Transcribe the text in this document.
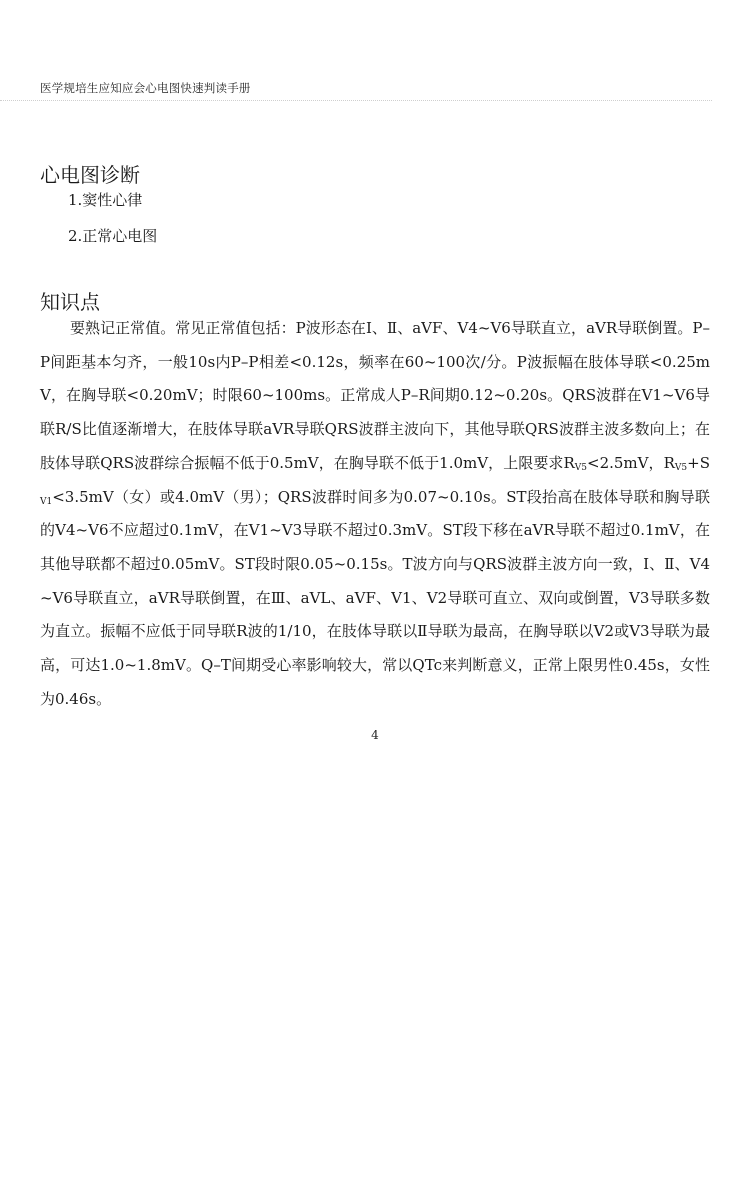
医学规培生应知应会心电图快速判读手册
心电图诊断
1.窦性心律
2.正常心电图
知识点

要熟记正常值。常见正常值包括：P波形态在Ⅰ、Ⅱ、aVF、V4~V6导联直立，aVR导联倒置。P–P间距基本匀齐，一般10s内P–P相差<0.12s，频率在60~100次/分。P波振幅在肢体导联<0.25mV，在胸导联<0.20mV；时限60~100ms。正常成人P–R间期0.12~0.20s。QRS波群在V1~V6导联R/S比值逐渐增大，在肢体导联aVR导联QRS波群主波向下，其他导联QRS波群主波多数向上；在肢体导联QRS波群综合振幅不低于0.5mV，在胸导联不低于1.0mV，上限要求$R_{V5}<2.5mV$，$R_{V5}+S_{V1}<3.5mV$（女）或4.0mV（男）；QRS波群时间多为0.07~0.10s。ST段抬高在肢体导联和胸导联的V4~V6不应超过0.1mV，在V1~V3导联不超过0.3mV。ST段下移在aVR导联不超过0.1mV，在其他导联都不超过0.05mV。ST段时限0.05~0.15s。T波方向与QRS波群主波方向一致，Ⅰ、Ⅱ、V4~V6导联直立，aVR导联倒置，在Ⅲ、aVL、aVF、V1、V2导联可直立、双向或倒置，V3导联多数为直立。振幅不应低于同导联R波的1/10，在肢体导联以Ⅱ导联为最高，在胸导联以V2或V3导联为最高，可达1.0~1.8mV。Q–T间期受心率影响较大，常以QTc来判断意义，正常上限男性0.45s，女性为0.46s。

4
